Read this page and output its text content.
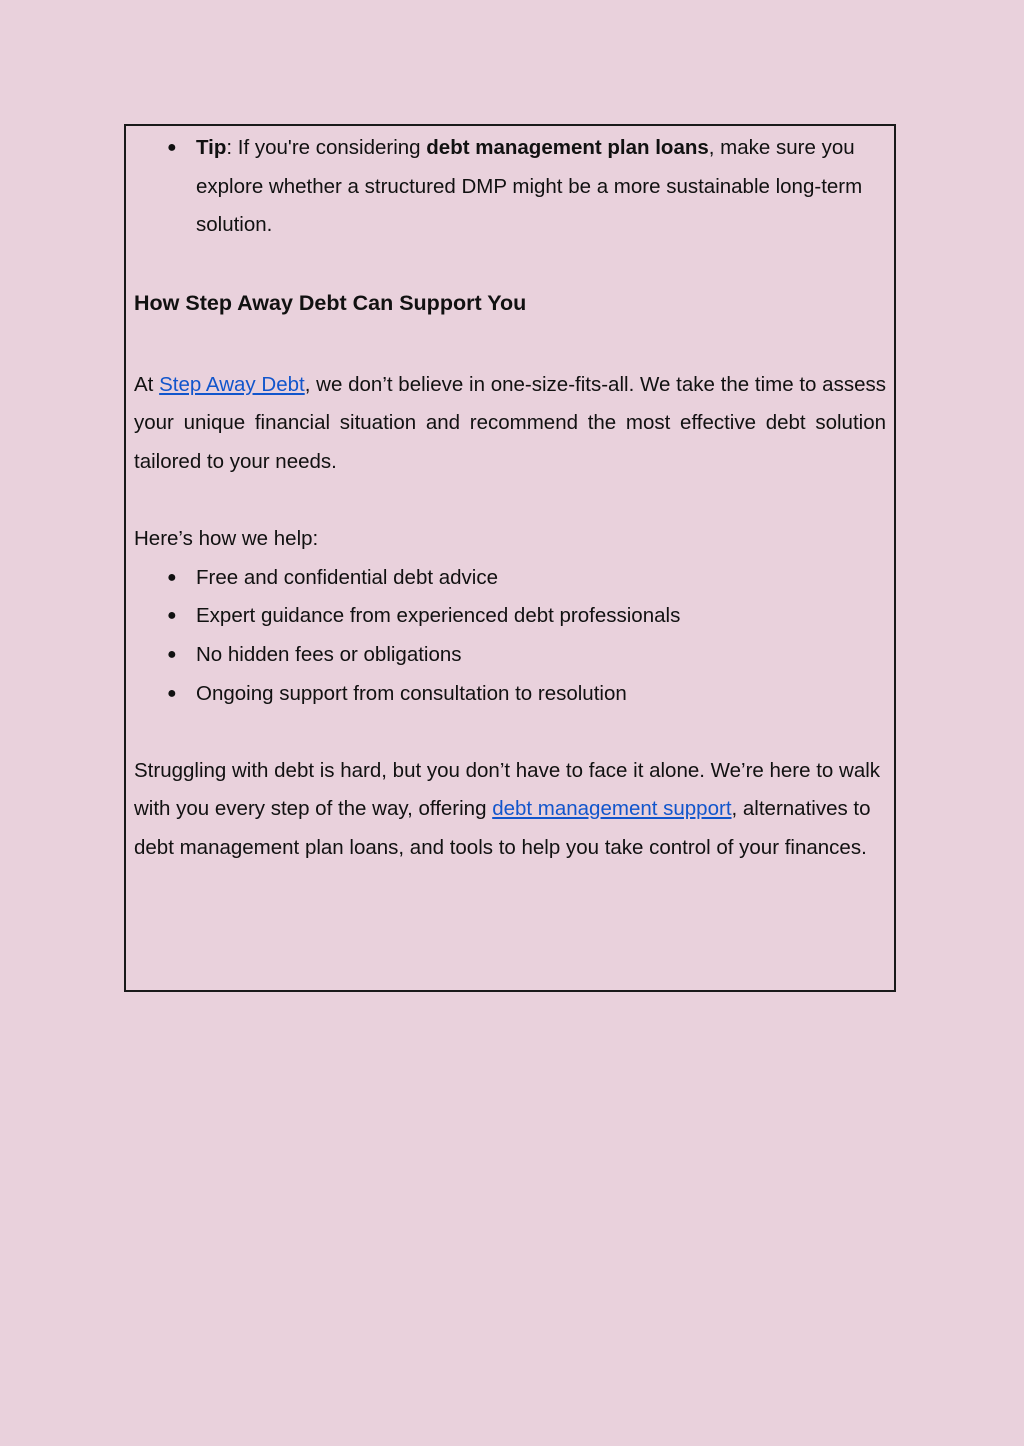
● Tip: If you're considering debt management plan loans, make sure you explore whether a structured DMP might be a more sustainable long-term solution.
How Step Away Debt Can Support You

At Step Away Debt, we don’t believe in one-size-fits-all. We take the time to assess your unique financial situation and recommend the most effective debt solution tailored to your needs.

Here’s how we help:

● Free and confidential debt advice
● Expert guidance from experienced debt professionals
● No hidden fees or obligations
● Ongoing support from consultation to resolution

Struggling with debt is hard, but you don’t have to face it alone. We’re here to walk with you every step of the way, offering debt management support, alternatives to debt management plan loans, and tools to help you take control of your finances.
